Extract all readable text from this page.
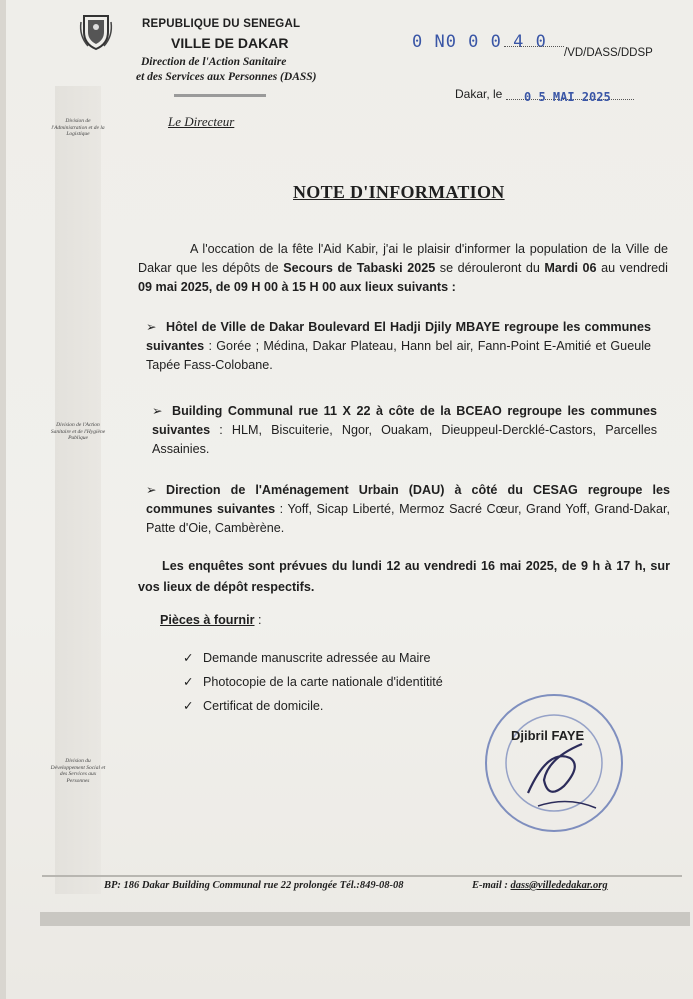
REPUBLIQUE DU SENEGAL
VILLE DE DAKAR
Direction de l'Action Sanitaire
et des Services aux Personnes (DASS)
0 N0 0 0 4 0
/VD/DASS/DDSP
Dakar, le 0 5 MAI 2025
Le Directeur
Division de l'Administration et de la Logistique
Division de l'Action Sanitaire et de l'Hygiène Publique
Division du Développement Social et des Services aux Personnes
NOTE D'INFORMATION
A l'occation de la fête l'Aid Kabir, j'ai le plaisir d'informer la population de la Ville de Dakar que les dépôts de Secours de Tabaski 2025 se dérouleront du Mardi 06 au vendredi 09 mai 2025, de 09 H 00 à 15 H 00 aux lieux suivants :
➢ Hôtel de Ville de Dakar Boulevard El Hadji Djily MBAYE regroupe les communes suivantes : Gorée ; Médina, Dakar Plateau, Hann bel air, Fann-Point E-Amitié et Gueule Tapée Fass-Colobane.
➢ Building Communal rue 11 X 22 à côte de la BCEAO regroupe les communes suivantes : HLM, Biscuiterie, Ngor, Ouakam, Dieuppeul-Dercklé-Castors, Parcelles Assainies.
➢ Direction de l'Aménagement Urbain (DAU) à côté du CESAG regroupe les communes suivantes : Yoff, Sicap Liberté, Mermoz Sacré Cœur, Grand Yoff, Grand-Dakar, Patte d'Oie, Cambèrène.
Les enquêtes sont prévues du lundi 12 au vendredi 16 mai 2025, de 9 h à 17 h, sur vos lieux de dépôt respectifs.
Pièces à fournir :
✓ Demande manuscrite adressée au Maire
✓ Photocopie de la carte nationale d'identitité
✓ Certificat de domicile.
Djibril FAYE
BP: 186 Dakar Building Communal rue 22 prolongée Tél.:849-08-08	E-mail : dass@villededakar.org
